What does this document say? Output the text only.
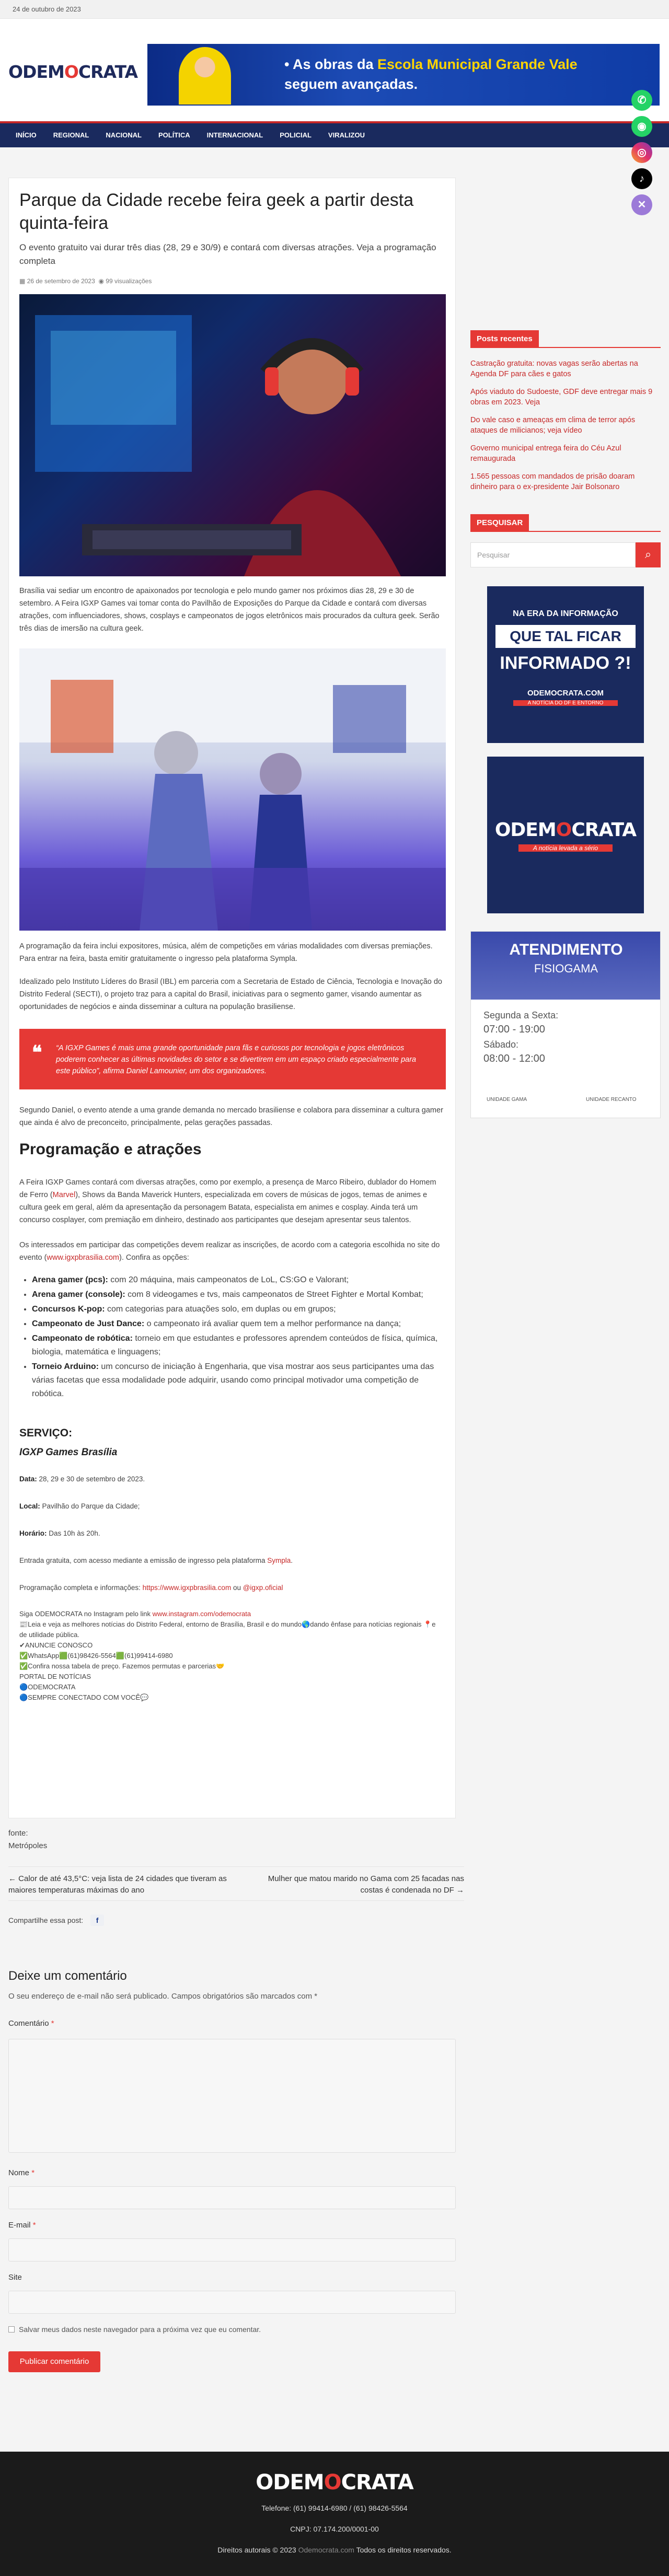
24 de outubro de 2023
ODEMOCRATA	• As obras da Escola Municipal Grande Vale
seguem avançadas.
INÍCIO	REGIONAL	NACIONAL	POLÍTICA	INTERNACIONAL	POLICIAL	VIRALIZOU
✆
◉
◎
♪
✕
Parque da Cidade recebe feira geek a partir desta quinta-feira

O evento gratuito vai durar três dias (28, 29 e 30/9) e contará com diversas atrações. Veja a programação completa

▦ 26 de setembro de 2023 ◉ 99 visualizações

Brasília vai sediar um encontro de apaixonados por tecnologia e pelo mundo gamer nos próximos dias 28, 29 e 30 de setembro. A Feira IGXP Games vai tomar conta do Pavilhão de Exposições do Parque da Cidade e contará com diversas atrações, com influenciadores, shows, cosplays e campeonatos de jogos eletrônicos mais procurados da cultura geek. Serão três dias de imersão na cultura geek.

A programação da feira inclui expositores, música, além de competições em várias modalidades com diversas premiações. Para entrar na feira, basta emitir gratuitamente o ingresso pela plataforma Sympla.

Idealizado pelo Instituto Líderes do Brasil (IBL) em parceria com a Secretaria de Estado de Ciência, Tecnologia e Inovação do Distrito Federal (SECTI), o projeto traz para a capital do Brasil, iniciativas para o segmento gamer, visando aumentar as oportunidades de negócios e ainda disseminar a cultura na população brasiliense.

❝ “A IGXP Games é mais uma grande oportunidade para fãs e curiosos por tecnologia e jogos eletrônicos poderem conhecer as últimas novidades do setor e se divertirem em um espaço criado especialmente para este público”, afirma Daniel Lamounier, um dos organizadores.

Segundo Daniel, o evento atende a uma grande demanda no mercado brasiliense e colabora para disseminar a cultura gamer que ainda é alvo de preconceito, principalmente, pelas gerações passadas.

Programação e atrações

A Feira IGXP Games contará com diversas atrações, como por exemplo, a presença de Marco Ribeiro, dublador do Homem de Ferro (Marvel), Shows da Banda Maverick Hunters, especializada em covers de músicas de jogos, temas de animes e cultura geek em geral, além da apresentação da personagem Batata, especialista em animes e cosplay. Ainda terá um concurso cosplayer, com premiação em dinheiro, destinado aos participantes que desejam apresentar seus talentos.

Os interessados em participar das competições devem realizar as inscrições, de acordo com a categoria escolhida no site do evento (www.igxpbrasilia.com). Confira as opções:

• Arena gamer (pcs): com 20 máquina, mais campeonatos de LoL, CS:GO e Valorant;
• Arena gamer (console): com 8 videogames e tvs, mais campeonatos de Street Fighter e Mortal Kombat;
• Concursos K-pop: com categorias para atuações solo, em duplas ou em grupos;
• Campeonato de Just Dance: o campeonato irá avaliar quem tem a melhor performance na dança;
• Campeonato de robótica: torneio em que estudantes e professores aprendem conteúdos de física, química, biologia, matemática e linguagens;
• Torneio Arduino: um concurso de iniciação à Engenharia, que visa mostrar aos seus participantes uma das várias facetas que essa modalidade pode adquirir, usando como principal motivador uma competição de robótica.
SERVIÇO:
IGXP Games Brasília

Data: 28, 29 e 30 de setembro de 2023.

Local: Pavilhão do Parque da Cidade;

Horário: Das 10h às 20h.

Entrada gratuita, com acesso mediante a emissão de ingresso pela plataforma Sympla.

Programação completa e informações: https://www.igxpbrasilia.com ou @igxp.oficial

Siga ODEMOCRATA no Instagram pelo link www.instagram.com/odemocrata
📰Leia e veja as melhores notícias do Distrito Federal, entorno de Brasília, Brasil e do mundo🌎dando ênfase para notícias regionais 📍e de utilidade pública.
✔ANUNCIE CONOSCO
✅WhatsApp🟩(61)98426-5564🟩(61)99414-6980
✅Confira nossa tabela de preço. Fazemos permutas e parcerias🤝
PORTAL DE NOTÍCIAS
🔵ODEMOCRATA
🔵SEMPRE CONECTADO COM VOCÊ💬
fonte:
Metrópoles
← Calor de até 43,5°C: veja lista de 24 cidades que tiveram as maiores temperaturas máximas do ano
Mulher que matou marido no Gama com 25 facadas nas costas é condenada no DF →
Compartilhe essa post: f
Deixe um comentário
O seu endereço de e-mail não será publicado. Campos obrigatórios são marcados com *
Comentário *
Nome *
E-mail *
Site
Salvar meus dados neste navegador para a próxima vez que eu comentar.
Publicar comentário
Posts recentes
Castração gratuita: novas vagas serão abertas na Agenda DF para cães e gatos
Após viaduto do Sudoeste, GDF deve entregar mais 9 obras em 2023. Veja
Do vale caso e ameaças em clima de terror após ataques de milicianos; veja vídeo
Governo municipal entrega feira do Céu Azul remaugurada
1.565 pessoas com mandados de prisão doaram dinheiro para o ex-presidente Jair Bolsonaro
PESQUISAR
Pesquisar	⌕
NA ERA DA INFORMAÇÃO
QUE TAL FICAR
INFORMADO ?!
ODEMOCRATA.COM
A NOTÍCIA DO DF E ENTORNO
ODEMOCRATA
A notícia levada a sério
ATENDIMENTO
FISIOGAMA
Segunda a Sexta:
07:00 - 19:00
Sábado:
08:00 - 12:00
UNIDADE GAMA	UNIDADE RECANTO
ODEMOCRATA
Telefone: (61) 99414-6980 / (61) 98426-5564
CNPJ: 07.174.200/0001-00
Direitos autorais © 2023 Odemocrata.com Todos os direitos reservados.
